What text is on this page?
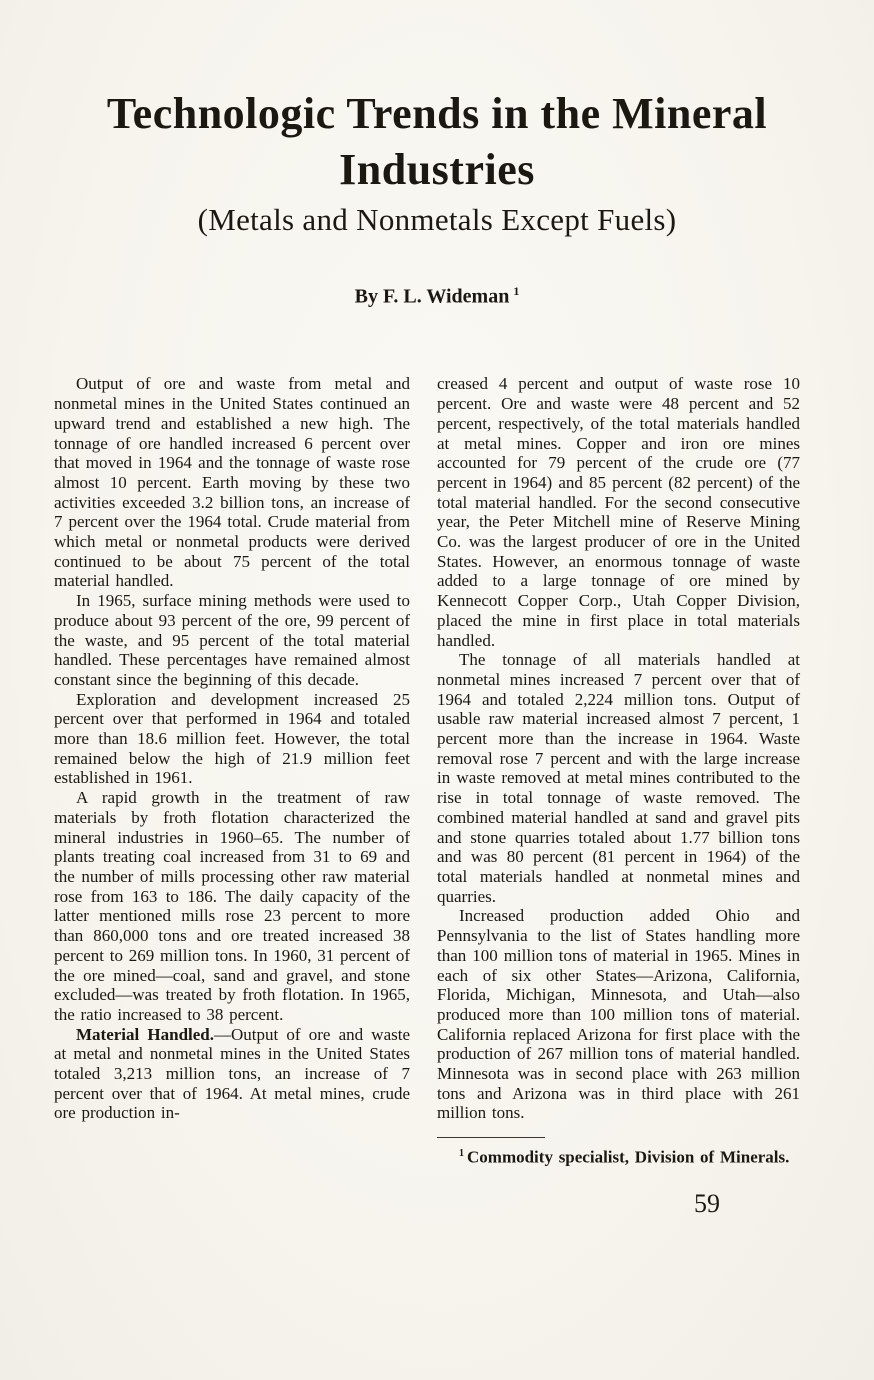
Technologic Trends in the Mineral Industries
(Metals and Nonmetals Except Fuels)
By F. L. Wideman $^1$

Output of ore and waste from metal and nonmetal mines in the United States continued an upward trend and established a new high. The tonnage of ore handled increased 6 percent over that moved in 1964 and the tonnage of waste rose almost 10 percent. Earth moving by these two activities exceeded 3.2 billion tons, an increase of 7 percent over the 1964 total. Crude material from which metal or nonmetal products were derived continued to be about 75 percent of the total material handled.

In 1965, surface mining methods were used to produce about 93 percent of the ore, 99 percent of the waste, and 95 percent of the total material handled. These percentages have remained almost constant since the beginning of this decade.

Exploration and development increased 25 percent over that performed in 1964 and totaled more than 18.6 million feet. However, the total remained below the high of 21.9 million feet established in 1961.

A rapid growth in the treatment of raw materials by froth flotation characterized the mineral industries in 1960–65. The number of plants treating coal increased from 31 to 69 and the number of mills processing other raw material rose from 163 to 186. The daily capacity of the latter mentioned mills rose 23 percent to more than 860,000 tons and ore treated increased 38 percent to 269 million tons. In 1960, 31 percent of the ore mined—coal, sand and gravel, and stone excluded—was treated by froth flotation. In 1965, the ratio increased to 38 percent.

Material Handled.—Output of ore and waste at metal and nonmetal mines in the United States totaled 3,213 million tons, an increase of 7 percent over that of 1964. At metal mines, crude ore production in-

creased 4 percent and output of waste rose 10 percent. Ore and waste were 48 percent and 52 percent, respectively, of the total materials handled at metal mines. Copper and iron ore mines accounted for 79 percent of the crude ore (77 percent in 1964) and 85 percent (82 percent) of the total material handled. For the second consecutive year, the Peter Mitchell mine of Reserve Mining Co. was the largest producer of ore in the United States. However, an enormous tonnage of waste added to a large tonnage of ore mined by Kennecott Copper Corp., Utah Copper Division, placed the mine in first place in total materials handled.

The tonnage of all materials handled at nonmetal mines increased 7 percent over that of 1964 and totaled 2,224 million tons. Output of usable raw material increased almost 7 percent, 1 percent more than the increase in 1964. Waste removal rose 7 percent and with the large increase in waste removed at metal mines contributed to the rise in total tonnage of waste removed. The combined material handled at sand and gravel pits and stone quarries totaled about 1.77 billion tons and was 80 percent (81 percent in 1964) of the total materials handled at nonmetal mines and quarries.

Increased production added Ohio and Pennsylvania to the list of States handling more than 100 million tons of material in 1965. Mines in each of six other States—Arizona, California, Florida, Michigan, Minnesota, and Utah—also produced more than 100 million tons of material. California replaced Arizona for first place with the production of 267 million tons of material handled. Minnesota was in second place with 263 million tons and Arizona was in third place with 261 million tons.

$^1$ Commodity specialist, Division of Minerals.

59
